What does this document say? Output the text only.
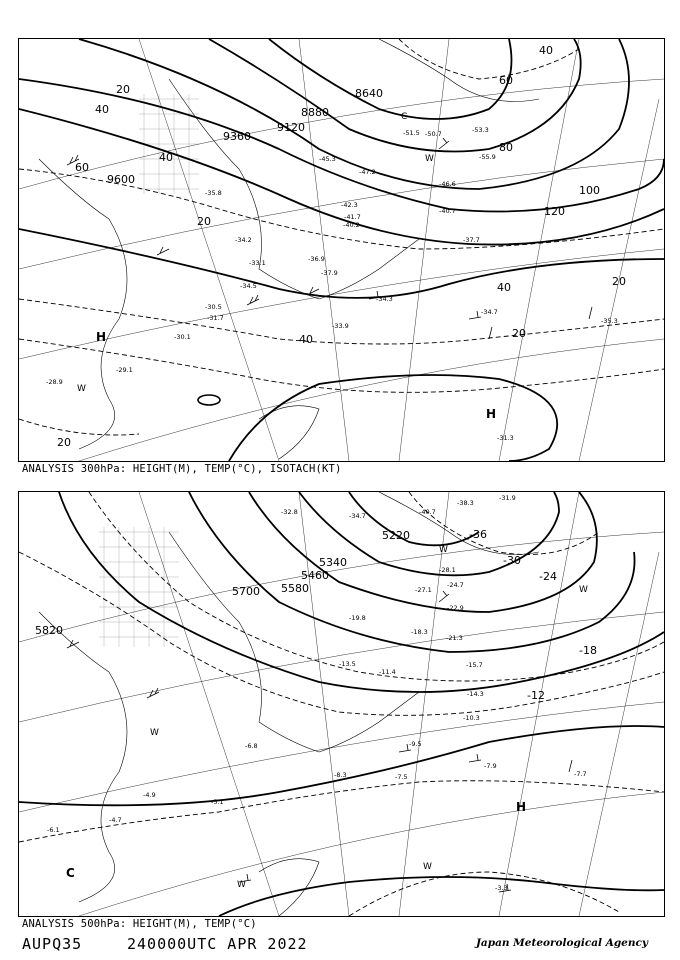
9360
9120
8880
8640
9600
20
40
60
80
100
120
40
20
60
40
20
40
20
20
40
H
H
W
W
C
-51.5 -50.7
-55.9
-53.3
-47.2
-46.6
-45.3
-42.3
-41.7
-40.7
-40.2
-37.7
-35.8
-34.2
-34.3
-33.9
-33.1
-31.7
-30.1
-29.1
-28.9
-35.3
-34.7
-31.3
-37.9
-34.5
-36.9
-30.5
ANALYSIS 300hPa: HEIGHT(M), TEMP(°C), ISOTACH(KT)
5820
5700 5580
5460
5340
5220	-36
-30
-24
-18
-12
H
C
W
W
W
W
W
-38.3
-31.9
-40.7
-34.7
-32.8
-28.1
-27.1
-24.7
-22.9
-21.3
-19.8
-18.3
-15.7
-14.3
-13.5
-11.4
-10.3
-9.5
-7.9
-7.7
-7.5
-6.8
-5.1
-4.7
-3.3
-6.1
-4.9
-8.3
ANALYSIS 500hPa: HEIGHT(M), TEMP(°C)
AUPQ35	240000UTC APR 2022	Japan Meteorological Agency
